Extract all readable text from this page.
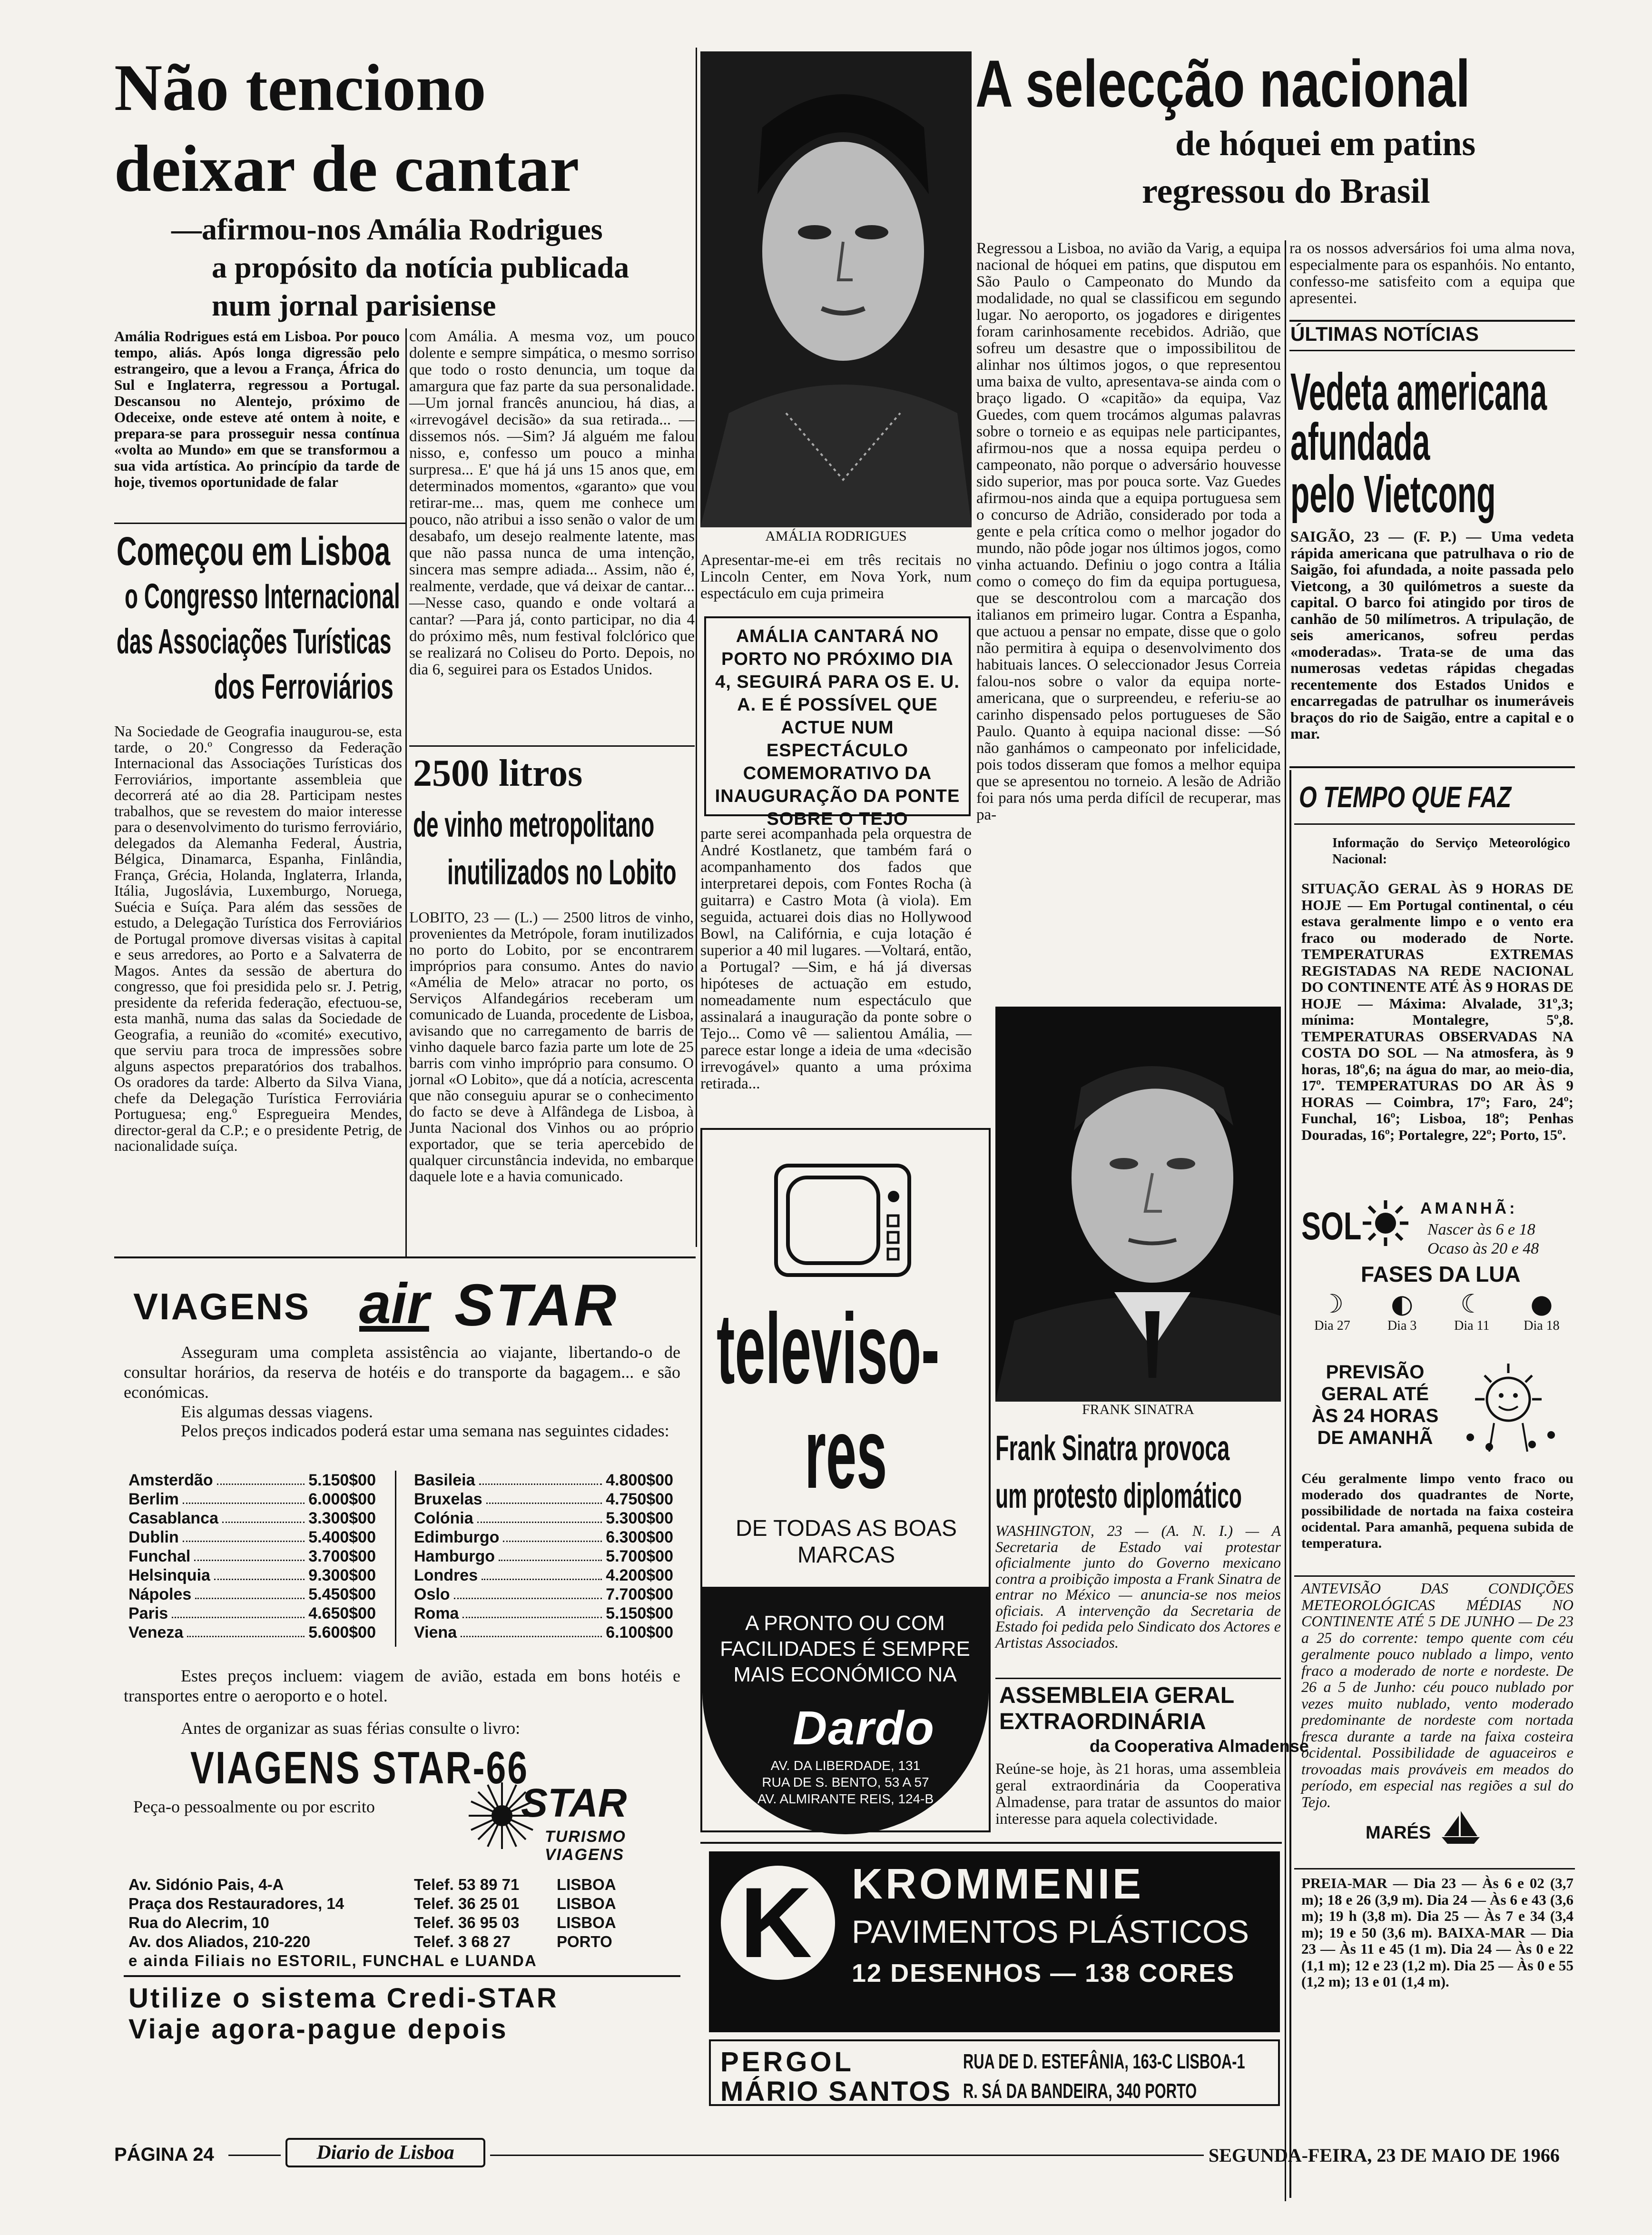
Não tenciono
deixar de cantar
—afirmou-nos Amália Rodrigues
a propósito da notícia publicada
num jornal parisiense
Amália Rodrigues está em Lisboa. Por pouco tempo, aliás. Após longa digressão pelo estrangeiro, que a levou a França, África do Sul e Inglaterra, regressou a Portugal. Descansou no Alentejo, próximo de Odeceixe, onde esteve até ontem à noite, e prepara-se para prosseguir nessa contínua «volta ao Mundo» em que se transformou a sua vida artística. Ao princípio da tarde de hoje, tivemos oportunidade de falar
com Amália. A mesma voz, um pouco dolente e sempre simpática, o mesmo sorriso que todo o rosto denuncia, um toque da amargura que faz parte da sua personalidade. —Um jornal francês anunciou, há dias, a «irrevogável decisão» da sua retirada... — dissemos nós. —Sim? Já alguém me falou nisso, e, confesso um pouco a minha surpresa... E' que há já uns 15 anos que, em determinados momentos, «garanto» que vou retirar-me... mas, quem me conhece um pouco, não atribui a isso senão o valor de um desabafo, um desejo realmente latente, mas que não passa nunca de uma intenção, sincera mas sempre adiada... Assim, não é, realmente, verdade, que vá deixar de cantar... —Nesse caso, quando e onde voltará a cantar? —Para já, conto participar, no dia 4 do próximo mês, num festival folclórico que se realizará no Coliseu do Porto. Depois, no dia 6, seguirei para os Estados Unidos.
AMÁLIA RODRIGUES
Apresentar-me-ei em três recitais no Lincoln Center, em Nova York, num espectáculo em cuja primeira
AMÁLIA CANTARÁ NO PORTO NO PRÓXIMO DIA 4, SEGUIRÁ PARA OS E. U. A. E É POSSÍVEL QUE ACTUE NUM ESPECTÁCULO COMEMORATIVO DA INAUGURAÇÃO DA PONTE SOBRE O TEJO
parte serei acompanhada pela orquestra de André Kostlanetz, que também fará o acompanhamento dos fados que interpretarei depois, com Fontes Rocha (à guitarra) e Castro Mota (à viola). Em seguida, actuarei dois dias no Hollywood Bowl, na Califórnia, e cuja lotação é superior a 40 mil lugares. —Voltará, então, a Portugal? —Sim, e há já diversas hipóteses de actuação em estudo, nomeadamente num espectáculo que assinalará a inauguração da ponte sobre o Tejo... Como vê — salientou Amália, — parece estar longe a ideia de uma «decisão irrevogável» quanto a uma próxima retirada...
Começou em Lisboa
o Congresso Internacional
das Associações Turísticas
dos Ferroviários
Na Sociedade de Geografia inaugurou-se, esta tarde, o 20.º Congresso da Federação Internacional das Associações Turísticas dos Ferroviários, importante assembleia que decorrerá até ao dia 28. Participam nestes trabalhos, que se revestem do maior interesse para o desenvolvimento do turismo ferroviário, delegados da Alemanha Federal, Áustria, Bélgica, Dinamarca, Espanha, Finlândia, França, Grécia, Holanda, Inglaterra, Irlanda, Itália, Jugoslávia, Luxemburgo, Noruega, Suécia e Suíça. Para além das sessões de estudo, a Delegação Turística dos Ferroviários de Portugal promove diversas visitas à capital e seus arredores, ao Porto e a Salvaterra de Magos. Antes da sessão de abertura do congresso, que foi presidida pelo sr. J. Petrig, presidente da referida federação, efectuou-se, esta manhã, numa das salas da Sociedade de Geografia, a reunião do «comité» executivo, que serviu para troca de impressões sobre alguns aspectos preparatórios dos trabalhos. Os oradores da tarde: Alberto da Silva Viana, chefe da Delegação Turística Ferroviária Portuguesa; eng.º Espregueira Mendes, director-geral da C.P.; e o presidente Petrig, de nacionalidade suíça.
2500 litros
de vinho metropolitano
inutilizados no Lobito
LOBITO, 23 — (L.) — 2500 litros de vinho, provenientes da Metrópole, foram inutilizados no porto do Lobito, por se encontrarem impróprios para consumo. Antes do navio «Amélia de Melo» atracar no porto, os Serviços Alfandegários receberam um comunicado de Luanda, procedente de Lisboa, avisando que no carregamento de barris de vinho daquele barco fazia parte um lote de 25 barris com vinho impróprio para consumo. O jornal «O Lobito», que dá a notícia, acrescenta que não conseguiu apurar se o conhecimento do facto se deve à Alfândega de Lisboa, à Junta Nacional dos Vinhos ou ao próprio exportador, que se teria apercebido de qualquer circunstância indevida, no embarque daquele lote e a havia comunicado.
A selecção nacional
de hóquei em patins
regressou do Brasil
Regressou a Lisboa, no avião da Varig, a equipa nacional de hóquei em patins, que disputou em São Paulo o Campeonato do Mundo da modalidade, no qual se classificou em segundo lugar. No aeroporto, os jogadores e dirigentes foram carinhosamente recebidos. Adrião, que sofreu um desastre que o impossibilitou de alinhar nos últimos jogos, o que representou uma baixa de vulto, apresentava-se ainda com o braço ligado. O «capitão» da equipa, Vaz Guedes, com quem trocámos algumas palavras sobre o torneio e as equipas nele participantes, afirmou-nos que a nossa equipa perdeu o campeonato, não porque o adversário houvesse sido superior, mas por pouca sorte. Vaz Guedes afirmou-nos ainda que a equipa portuguesa sem o concurso de Adrião, considerado por toda a gente e pela crítica como o melhor jogador do mundo, não pôde jogar nos últimos jogos, como vinha actuando. Definiu o jogo contra a Itália como o começo do fim da equipa portuguesa, que se descontrolou com a marcação dos italianos em primeiro lugar. Contra a Espanha, que actuou a pensar no empate, disse que o golo não permitira à equipa o desenvolvimento dos habituais lances. O seleccionador Jesus Correia falou-nos sobre o valor da equipa norte-americana, que o surpreendeu, e referiu-se ao carinho dispensado pelos portugueses de São Paulo. Quanto à equipa nacional disse: —Só não ganhámos o campeonato por infelicidade, pois todos disseram que fomos a melhor equipa que se apresentou no torneio. A lesão de Adrião foi para nós uma perda difícil de recuperar, mas pa-
ra os nossos adversários foi uma alma nova, especialmente para os espanhóis. No entanto, confesso-me satisfeito com a equipa que apresentei.
ÚLTIMAS NOTÍCIAS
Vedeta americana
afundada
pelo Vietcong
SAIGÃO, 23 — (F. P.) — Uma vedeta rápida americana que patrulhava o rio de Saigão, foi afundada, a noite passada pelo Vietcong, a 30 quilómetros a sueste da capital. O barco foi atingido por tiros de canhão de 50 milímetros. A tripulação, de seis americanos, sofreu perdas «moderadas». Trata-se de uma das numerosas vedetas rápidas chegadas recentemente dos Estados Unidos e encarregadas de patrulhar os inumeráveis braços do rio de Saigão, entre a capital e o mar.
O TEMPO QUE FAZ
Informação do Serviço Meteorológico Nacional:
SITUAÇÃO GERAL ÀS 9 HORAS DE HOJE — Em Portugal continental, o céu estava geralmente limpo e o vento era fraco ou moderado de Norte. TEMPERATURAS EXTREMAS REGISTADAS NA REDE NACIONAL DO CONTINENTE ATÉ ÀS 9 HORAS DE HOJE — Máxima: Alvalade, 31º,3; mínima: Montalegre, 5º,8. TEMPERATURAS OBSERVADAS NA COSTA DO SOL — Na atmosfera, às 9 horas, 18º,6; na água do mar, ao meio-dia, 17º. TEMPERATURAS DO AR ÀS 9 HORAS — Coimbra, 17º; Faro, 24º; Funchal, 16º; Lisboa, 18º; Penhas Douradas, 16º; Portalegre, 22º; Porto, 15º.
SOL	AMANHÃ:
Nascer às 6 e 18
Ocaso às 20 e 48
FASES DA LUA
☽
Dia 27
◐
Dia 3
☾
Dia 11
●
Dia 18
PREVISÃO GERAL ATÉ ÀS 24 HORAS DE AMANHÃ
Céu geralmente limpo vento fraco ou moderado dos quadrantes de Norte, possibilidade de nortada na faixa costeira ocidental. Para amanhã, pequena subida de temperatura.
ANTEVISÃO DAS CONDIÇÕES METEOROLÓGICAS MÉDIAS NO CONTINENTE ATÉ 5 DE JUNHO — De 23 a 25 do corrente: tempo quente com céu geralmente pouco nublado a limpo, vento fraco a moderado de norte e nordeste. De 26 a 5 de Junho: céu pouco nublado por vezes muito nublado, vento moderado predominante de nordeste com nortada fresca durante a tarde na faixa costeira ocidental. Possibilidade de aguaceiros e trovoadas mais prováveis em meados do período, em especial nas regiões a sul do Tejo.
MARÉS
PREIA-MAR — Dia 23 — Às 6 e 02 (3,7 m); 18 e 26 (3,9 m). Dia 24 — Às 6 e 43 (3,6 m); 19 h (3,8 m). Dia 25 — Às 7 e 34 (3,4 m); 19 e 50 (3,6 m). BAIXA-MAR — Dia 23 — Às 11 e 45 (1 m). Dia 24 — Às 0 e 22 (1,1 m); 12 e 23 (1,2 m). Dia 25 — Às 0 e 55 (1,2 m); 13 e 01 (1,4 m).
FRANK SINATRA
Frank Sinatra provoca
um protesto diplomático
WASHINGTON, 23 — (A. N. I.) — A Secretaria de Estado vai protestar oficialmente junto do Governo mexicano contra a proibição imposta a Frank Sinatra de entrar no México — anuncia-se nos meios oficiais. A intervenção da Secretaria de Estado foi pedida pelo Sindicato dos Actores e Artistas Associados.
ASSEMBLEIA GERAL
EXTRAORDINÁRIA
da Cooperativa Almadense
Reúne-se hoje, às 21 horas, uma assembleia geral extraordinária da Cooperativa Almadense, para tratar de assuntos do maior interesse para aquela colectividade.
televiso-
res
DE TODAS AS BOAS MARCAS
A PRONTO OU COM FACILIDADES É SEMPRE MAIS ECONÓMICO NA
Dardo
AV. DA LIBERDADE, 131
RUA DE S. BENTO, 53 A 57
AV. ALMIRANTE REIS, 124-B
VIAGENS air STAR
Asseguram uma completa assistência ao viajante, libertando-o de consultar horários, da reserva de hotéis e do transporte da bagagem... e são económicas.
Eis algumas dessas viagens.
Pelos preços indicados poderá estar uma semana nas seguintes cidades:
Amsterdão	5.150$00
Berlim	6.000$00
Casablanca	3.300$00
Dublin	5.400$00
Funchal	3.700$00
Helsinquia	9.300$00
Nápoles	5.450$00
Paris	4.650$00
Veneza	5.600$00
Basileia	4.800$00
Bruxelas	4.750$00
Colónia	5.300$00
Edimburgo	6.300$00
Hamburgo	5.700$00
Londres	4.200$00
Oslo	7.700$00
Roma	5.150$00
Viena	6.100$00
Estes preços incluem: viagem de avião, estada em bons hotéis e transportes entre o aeroporto e o hotel.
Antes de organizar as suas férias consulte o livro:
VIAGENS STAR-66
Peça-o pessoalmente ou por escrito	STAR
TURISMO
VIAGENS
Av. Sidónio Pais, 4-A	Telef. 53 89 71	LISBOA
Praça dos Restauradores, 14	Telef. 36 25 01	LISBOA
Rua do Alecrim, 10	Telef. 36 95 03	LISBOA
Av. dos Aliados, 210-220	Telef. 3 68 27	PORTO
e ainda Filiais no ESTORIL, FUNCHAL e LUANDA
Utilize o sistema Credi-STAR
Viaje agora-pague depois
K KROMMENIE
PAVIMENTOS PLÁSTICOS
12 DESENHOS — 138 CORES
PERGOL	RUA DE D. ESTEFÂNIA, 163-C LISBOA-1
MÁRIO SANTOS R. SÁ DA BANDEIRA, 340 PORTO
PÁGINA 24	Diario de Lisboa	SEGUNDA-FEIRA, 23 DE MAIO DE 1966
